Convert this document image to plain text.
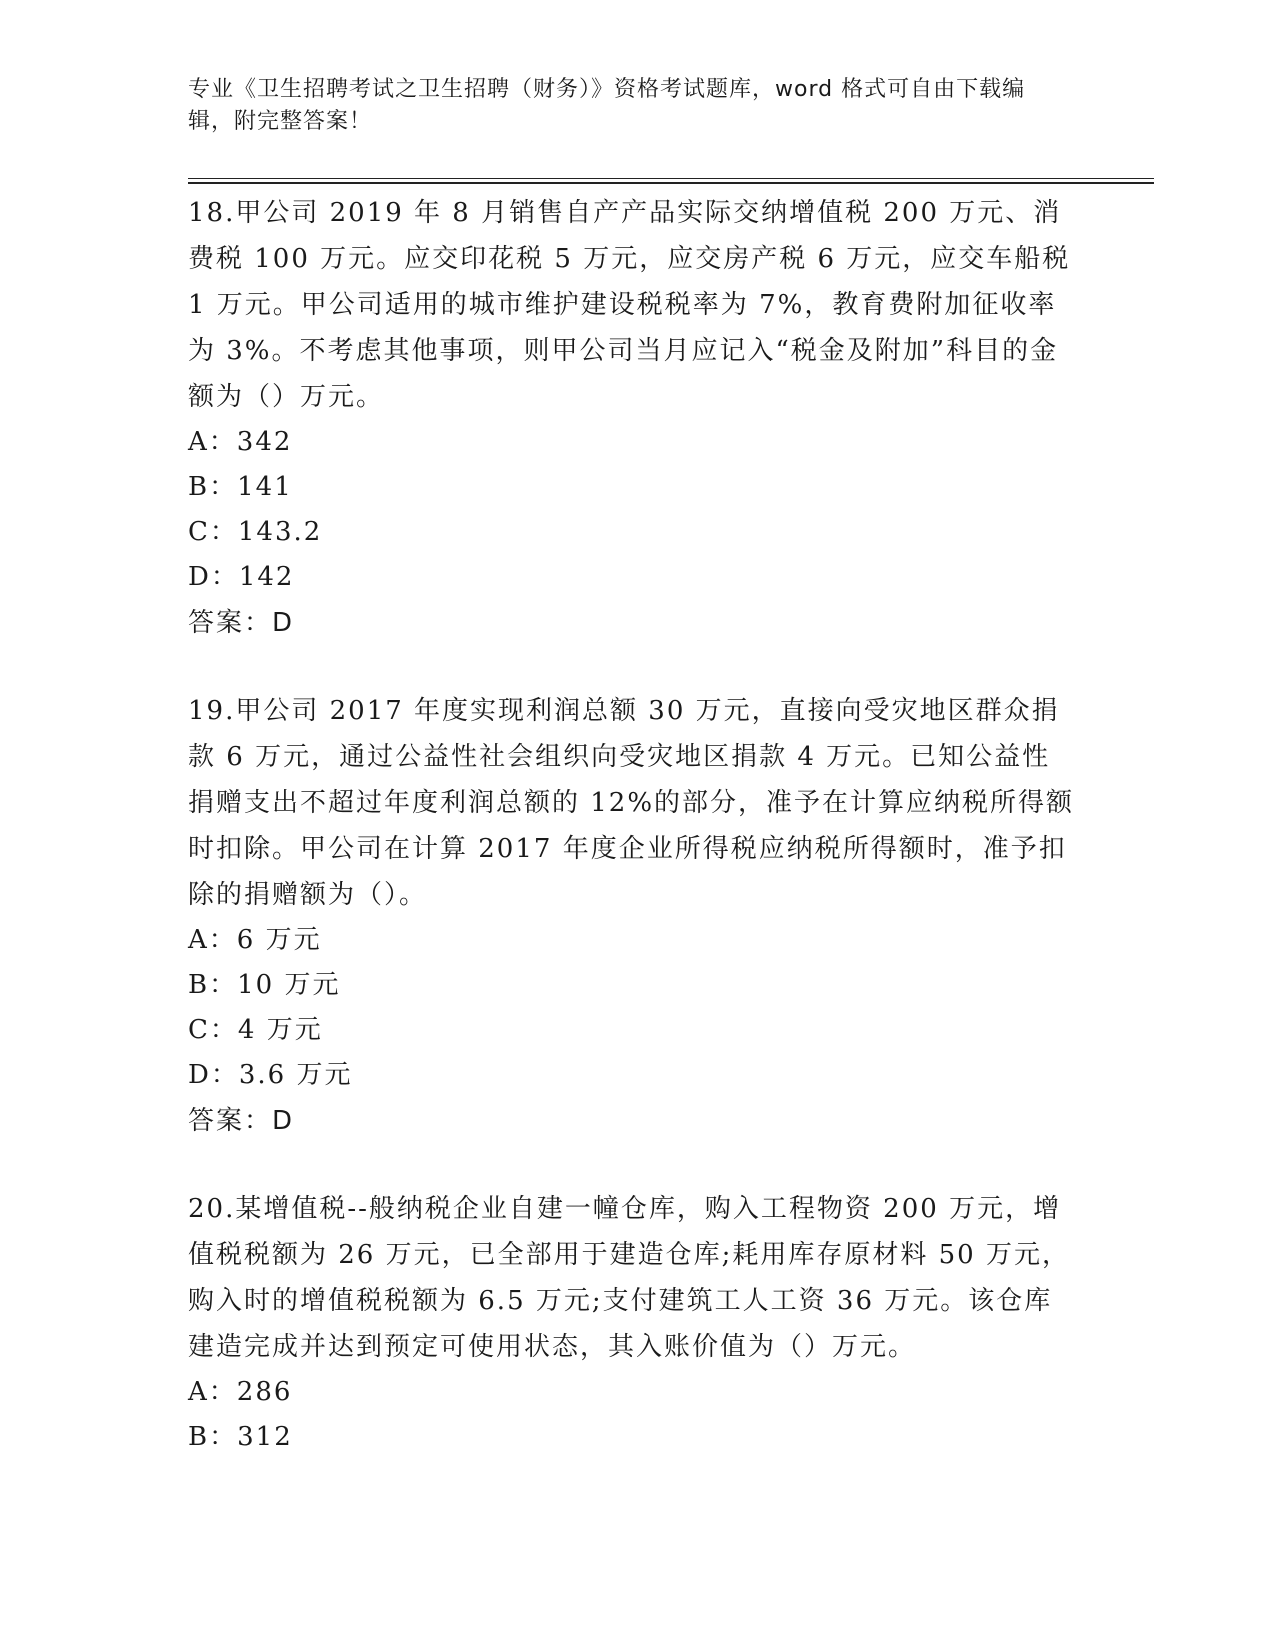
专业《卫生招聘考试之卫生招聘（财务）》资格考试题库，word 格式可自由下载编辑，附完整答案！

18.甲公司 2019 年 8 月销售自产产品实际交纳增值税 200 万元、消费税 100 万元。应交印花税 5 万元，应交房产税 6 万元，应交车船税 1 万元。甲公司适用的城市维护建设税税率为 7%，教育费附加征收率为 3%。不考虑其他事项，则甲公司当月应记入“税金及附加”科目的金额为（）万元。

A：342

B：141

C：143.2

D：142

答案：D

19.甲公司 2017 年度实现利润总额 30 万元，直接向受灾地区群众捐款 6 万元，通过公益性社会组织向受灾地区捐款 4 万元。已知公益性捐赠支出不超过年度利润总额的 12%的部分，准予在计算应纳税所得额时扣除。甲公司在计算 2017 年度企业所得税应纳税所得额时，准予扣除的捐赠额为（）。

A：6 万元

B：10 万元

C：4 万元

D：3.6 万元

答案：D

20.某增值税--般纳税企业自建一幢仓库，购入工程物资 200 万元，增值税税额为 26 万元，已全部用于建造仓库;耗用库存原材料 50 万元，购入时的增值税税额为 6.5 万元;支付建筑工人工资 36 万元。该仓库建造完成并达到预定可使用状态，其入账价值为（）万元。

A：286

B：312
